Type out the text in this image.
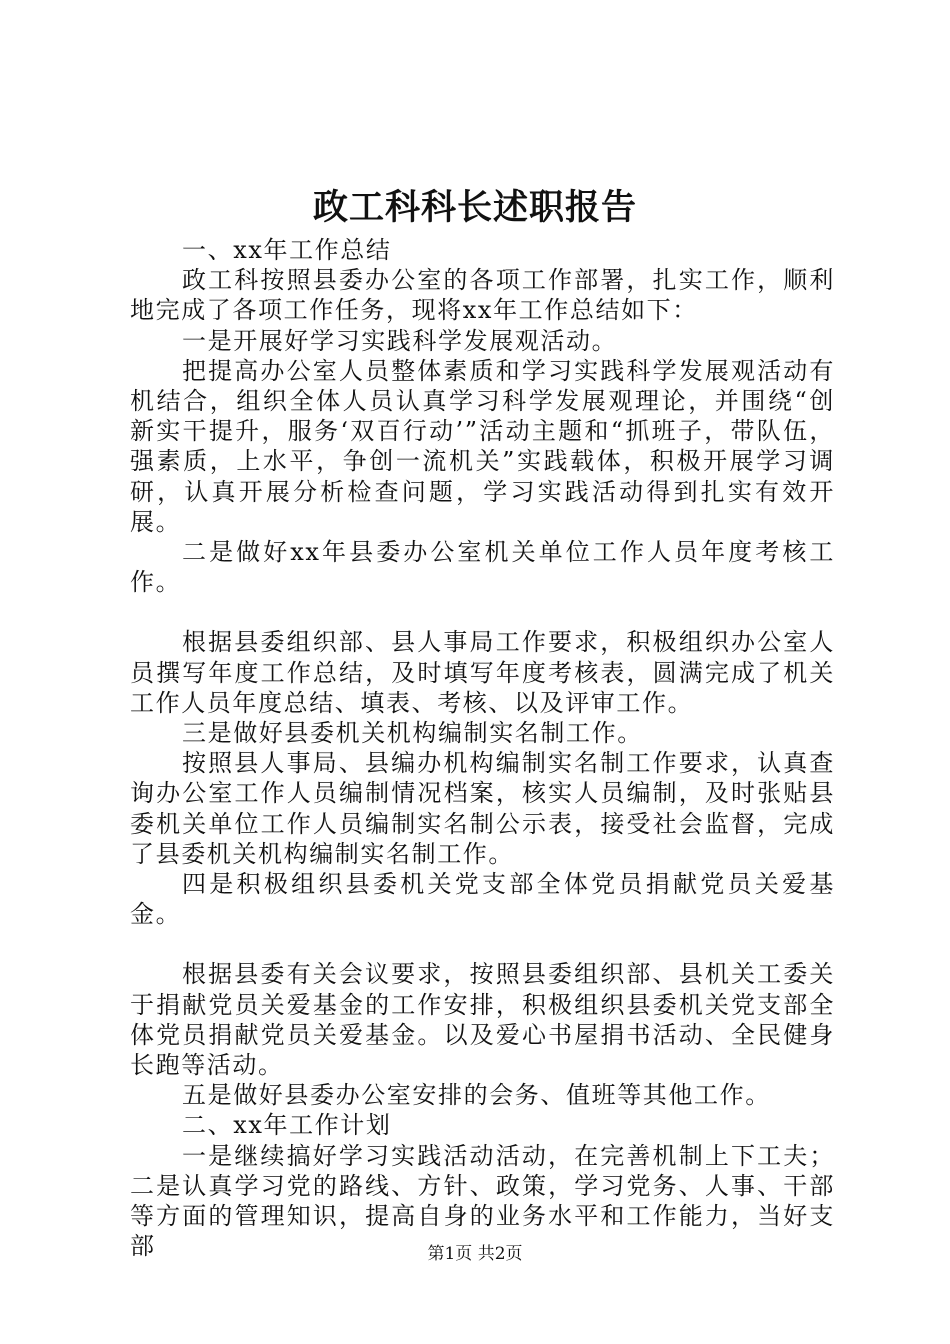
政工科科长述职报告

一、xx年工作总结

政工科按照县委办公室的各项工作部署，扎实工作，顺利地完成了各项工作任务，现将xx年工作总结如下：

一是开展好学习实践科学发展观活动。

把提高办公室人员整体素质和学习实践科学发展观活动有机结合，组织全体人员认真学习科学发展观理论，并围绕“创新实干提升，服务‘双百行动’”活动主题和“抓班子，带队伍，强素质，上水平，争创一流机关”实践载体，积极开展学习调研，认真开展分析检查问题，学习实践活动得到扎实有效开展。

二是做好xx年县委办公室机关单位工作人员年度考核工作。

根据县委组织部、县人事局工作要求，积极组织办公室人员撰写年度工作总结，及时填写年度考核表，圆满完成了机关工作人员年度总结、填表、考核、以及评审工作。

三是做好县委机关机构编制实名制工作。

按照县人事局、县编办机构编制实名制工作要求，认真查询办公室工作人员编制情况档案，核实人员编制，及时张贴县委机关单位工作人员编制实名制公示表，接受社会监督，完成了县委机关机构编制实名制工作。

四是积极组织县委机关党支部全体党员捐献党员关爱基金。

根据县委有关会议要求，按照县委组织部、县机关工委关于捐献党员关爱基金的工作安排，积极组织县委机关党支部全体党员捐献党员关爱基金。以及爱心书屋捐书活动、全民健身长跑等活动。

五是做好县委办公室安排的会务、值班等其他工作。

二、xx年工作计划

一是继续搞好学习实践活动活动，在完善机制上下工夫；二是认真学习党的路线、方针、政策，学习党务、人事、干部等方面的管理知识，提高自身的业务水平和工作能力，当好支部	第1页 共2页
